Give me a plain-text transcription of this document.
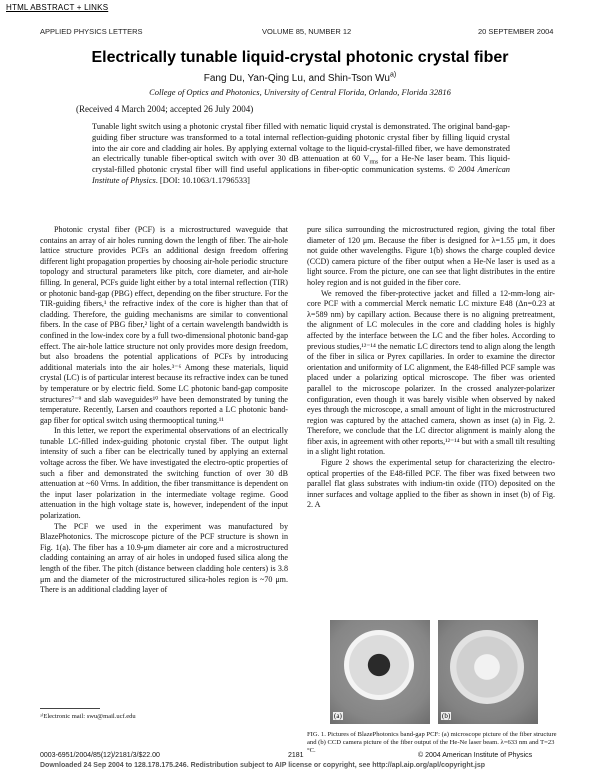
HTML ABSTRACT + LINKS
APPLIED PHYSICS LETTERS	VOLUME 85, NUMBER 12	20 SEPTEMBER 2004
Electrically tunable liquid-crystal photonic crystal fiber
Fang Du, Yan-Qing Lu, and Shin-Tson Wu$^{a)}$
College of Optics and Photonics, University of Central Florida, Orlando, Florida 32816
(Received 4 March 2004; accepted 26 July 2004)
Tunable light switch using a photonic crystal fiber filled with nematic liquid crystal is demonstrated. The original band-gap-guiding fiber structure was transformed to a total internal reflection-guiding photonic crystal fiber by filling liquid crystal into the air core and cladding air holes. By applying external voltage to the liquid-crystal-filled fiber, we have demonstrated an electrically tunable fiber-optical switch with over 30 dB attenuation at 60 $V_{rms}$ for a He-Ne laser beam. This liquid-crystal-filled photonic crystal fiber will find useful applications in fiber-optic communication systems. © 2004 American Institute of Physics. [DOI: 10.1063/1.1796533]

Photonic crystal fiber (PCF) is a microstructured waveguide that contains an array of air holes running down the length of fiber. The air-hole lattice structure provides PCFs an additional design freedom offering different light propagation properties by choosing air-hole periodic structure topology and structural parameters like pitch, core diameter, and air-hole filling. In general, PCFs guide light either by a total internal reflection (TIR) or photonic band-gap (PBG) effect, depending on the fiber structure. For the TIR-guiding fibers,¹ the refractive index of the core is higher than that of cladding. Therefore, the guiding mechanisms are similar to conventional fibers. In the case of PBG fiber,² light of a certain wavelength bandwidth is confined in the low-index core by a full two-dimensional photonic band-gap effect. The air-hole lattice structure not only provides more design freedom, but also broadens the potential applications of PCFs by introducing additional materials into the air holes.³⁻⁶ Among these materials, liquid crystal (LC) is of particular interest because its refractive index can be tuned by temperature or by electric field. Some LC photonic band-gap composite structures⁷⁻⁹ and slab waveguides¹⁰ have been demonstrated by tuning the temperature. Recently, Larsen and coauthors reported a LC photonic band-gap fiber for optical switch using thermooptical tuning.¹¹

In this letter, we report the experimental observations of an electrically tunable LC-filled index-guiding photonic crystal fiber. The output light intensity of such a fiber can be electrically tuned by applying an external voltage across the fiber. We have investigated the electro-optic properties of such a fiber and demonstrated the switching function of over 30 dB attenuation at ~60 Vrms. In addition, the fiber transmittance is dependent on the input laser polarization in the intermediate voltage regime. Good attenuation in the high voltage state is, however, independent of the input polarization.

The PCF we used in the experiment was manufactured by BlazePhotonics. The microscope picture of the PCF structure is shown in Fig. 1(a). The fiber has a 10.9-μm diameter air core and a microstructured cladding containing an array of air holes in undoped fused silica along the length of the fiber. The pitch (distance between cladding hole centers) is 3.8 μm and the diameter of the microstructured silica-holes region is ~70 μm. There is an additional cladding layer of

pure silica surrounding the microstructured region, giving the total fiber diameter of 120 μm. Because the fiber is designed for λ=1.55 μm, it does not guide other wavelengths. Figure 1(b) shows the charge coupled device (CCD) camera picture of the fiber output when a He-Ne laser is used as a light source. From the picture, one can see that light distributes in the entire holey region and is not guided in the fiber core.

We removed the fiber-protective jacket and filled a 12-mm-long air-core PCF with a commercial Merck nematic LC mixture E48 (Δn=0.23 at λ=589 nm) by capillary action. Because there is no aligning pretreatment, the alignment of LC molecules in the core and cladding holes is highly affected by the interface between the LC and the fiber holes. According to previous studies,¹²⁻¹⁴ the nematic LC directors tend to align along the length of the fiber in silica or Pyrex capillaries. In order to examine the director orientation and uniformity of LC alignment, the E48-filled PCF sample was placed under a polarizing optical microscope. The fiber was oriented parallel to the microscope polarizer. In the crossed analyzer-polarizer configuration, even though it was barely visible when observed by naked eyes through the microscope, a small amount of light in the microstructured region was captured by the attached camera, shown as inset (a) in Fig. 2. Therefore, we conclude that the LC director alignment is mainly along the fiber axis, in agreement with other reports,¹²⁻¹⁴ but with a small tilt resulting in a slight light rotation.

Figure 2 shows the experimental setup for characterizing the electro-optical properties of the E48-filled PCF. The fiber was fixed between two parallel flat glass substrates with indium-tin oxide (ITO) deposited on the inner surfaces and voltage applied to the fiber as shown in inset (b) of Fig. 2. A

(a)	(b)
FIG. 1. Pictures of BlazePhotonics band-gap PCF: (a) microscope picture of the fiber structure and (b) CCD camera picture of the fiber output of the He-Ne laser beam. λ=633 nm and T=23 °C.
ᵃ⁾Electronic mail: swu@mail.ucf.edu
0003-6951/2004/85(12)/2181/3/$22.00	2181	© 2004 American Institute of Physics
Downloaded 24 Sep 2004 to 128.178.175.246. Redistribution subject to AIP license or copyright, see http://apl.aip.org/apl/copyright.jsp
